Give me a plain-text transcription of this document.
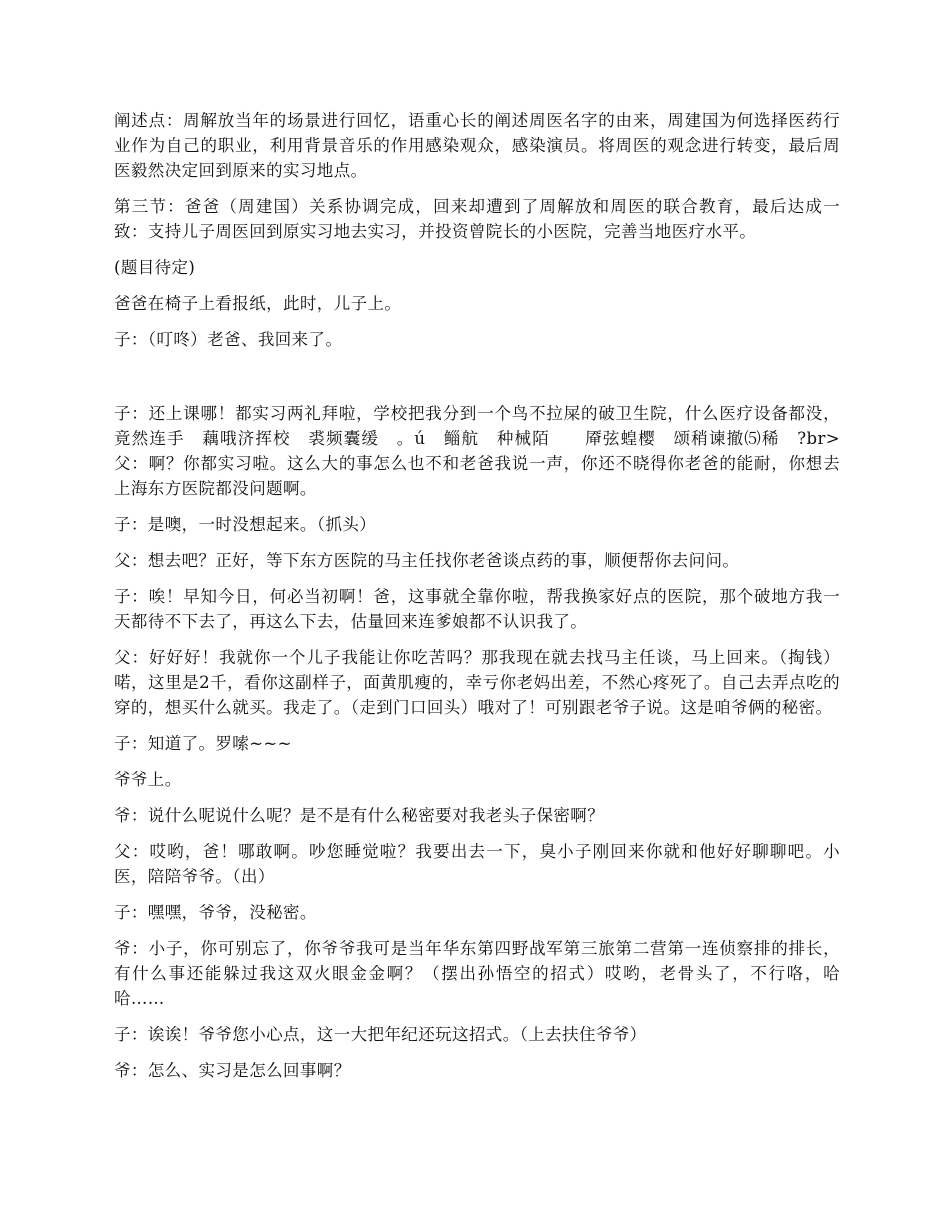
阐述点：周解放当年的场景进行回忆，语重心长的阐述周医名字的由来，周建国为何选择医药行业作为自己的职业，利用背景音乐的作用感染观众，感染演员。将周医的观念进行转变，最后周医毅然决定回到原来的实习地点。

第三节：爸爸（周建国）关系协调完成，回来却遭到了周解放和周医的联合教育，最后达成一致：支持儿子周医回到原实习地去实习，并投资曾院长的小医院，完善当地医疗水平。

(题目待定)

爸爸在椅子上看报纸，此时，儿子上。

子：（叮咚）老爸、我回来了。

子：还上课哪！都实习两礼拜啦，学校把我分到一个鸟不拉屎的破卫生院，什么医疗设备都没，竟然连手　藕哦济挥校　裘频囊缓　。ú　鲻航　种械陌　　厣弦蝗樱　颂稍谏撤⑸稀　?br> 父：啊？你都实习啦。这么大的事怎么也不和老爸我说一声，你还不晓得你老爸的能耐，你想去上海东方医院都没问题啊。

子：是噢，一时没想起来。（抓头）

父：想去吧？正好，等下东方医院的马主任找你老爸谈点药的事，顺便帮你去问问。

子：唉！早知今日，何必当初啊！爸，这事就全靠你啦，帮我换家好点的医院，那个破地方我一天都待不下去了，再这么下去，估量回来连爹娘都不认识我了。

父：好好好！我就你一个儿子我能让你吃苦吗？那我现在就去找马主任谈，马上回来。（掏钱）喏，这里是2千，看你这副样子，面黄肌瘦的，幸亏你老妈出差，不然心疼死了。自己去弄点吃的穿的，想买什么就买。我走了。（走到门口回头）哦对了！可别跟老爷子说。这是咱爷俩的秘密。

子：知道了。罗嗦~~~

爷爷上。

爷：说什么呢说什么呢？是不是有什么秘密要对我老头子保密啊？

父：哎哟，爸！哪敢啊。吵您睡觉啦？我要出去一下，臭小子刚回来你就和他好好聊聊吧。小医，陪陪爷爷。（出）

子：嘿嘿，爷爷，没秘密。

爷：小子，你可别忘了，你爷爷我可是当年华东第四野战军第三旅第二营第一连侦察排的排长，有什么事还能躲过我这双火眼金金啊？（摆出孙悟空的招式）哎哟，老骨头了，不行咯，哈哈……

子：诶诶！爷爷您小心点，这一大把年纪还玩这招式。（上去扶住爷爷）

爷：怎么、实习是怎么回事啊？
